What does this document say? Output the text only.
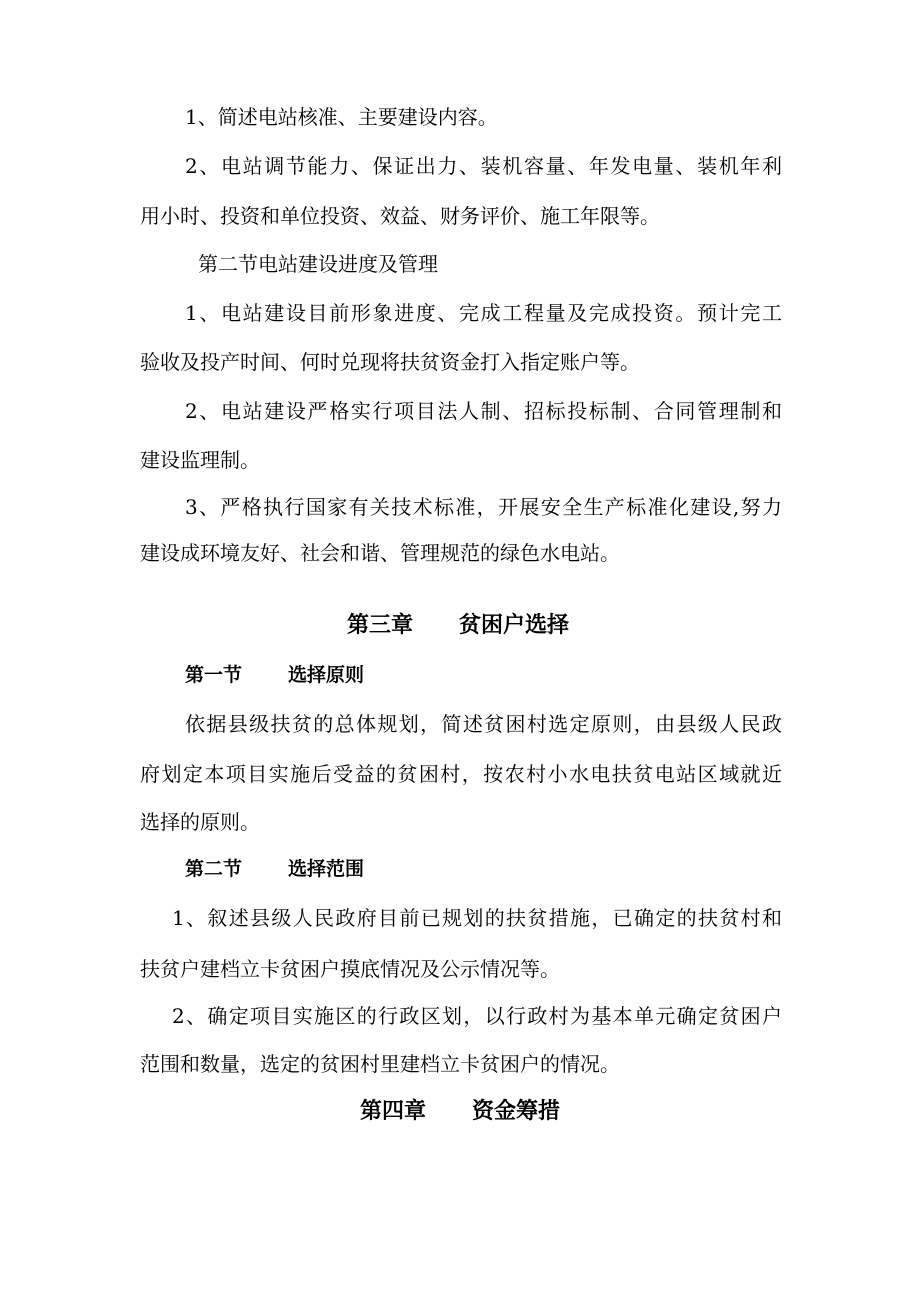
1、简述电站核准、主要建设内容。
2、电站调节能力、保证出力、装机容量、年发电量、装机年利
用小时、投资和单位投资、效益、财务评价、施工年限等。
第二节电站建设进度及管理
1、电站建设目前形象进度、完成工程量及完成投资。预计完工
验收及投产时间、何时兑现将扶贫资金打入指定账户等。
2、电站建设严格实行项目法人制、招标投标制、合同管理制和
建设监理制。
3、严格执行国家有关技术标准，开展安全生产标准化建设,努力
建设成环境友好、社会和谐、管理规范的绿色水电站。
第三章 贫困户选择
第一节 选择原则
依据县级扶贫的总体规划，简述贫困村选定原则，由县级人民政
府划定本项目实施后受益的贫困村，按农村小水电扶贫电站区域就近
选择的原则。
第二节 选择范围
1、叙述县级人民政府目前已规划的扶贫措施，已确定的扶贫村和
扶贫户建档立卡贫困户摸底情况及公示情况等。
2、确定项目实施区的行政区划，以行政村为基本单元确定贫困户
范围和数量，选定的贫困村里建档立卡贫困户的情况。
第四章 资金筹措
